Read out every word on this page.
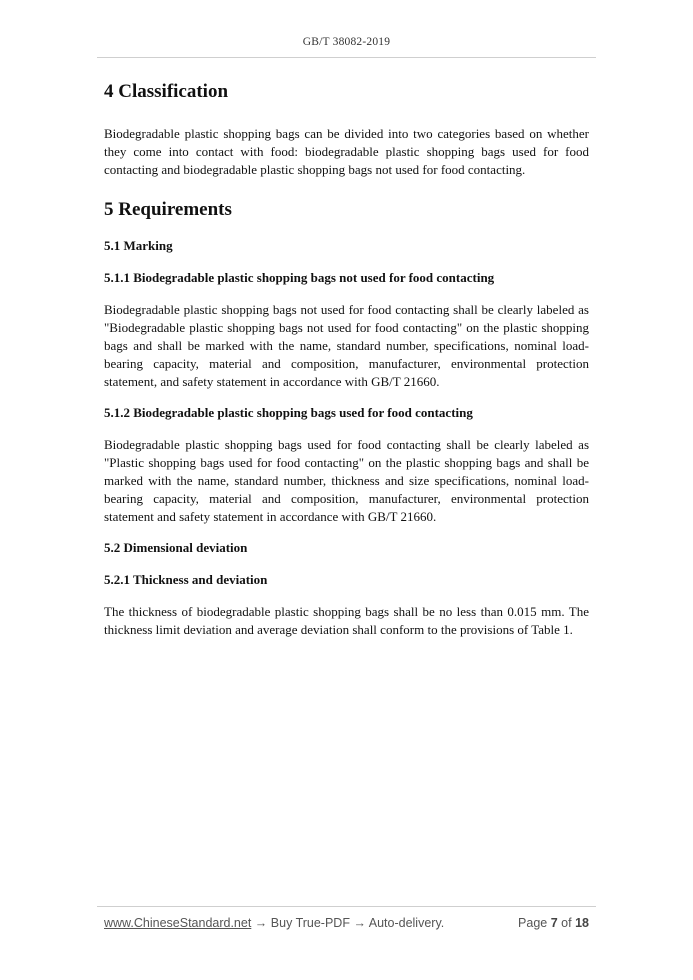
GB/T 38082-2019
4 Classification

Biodegradable plastic shopping bags can be divided into two categories based on whether they come into contact with food: biodegradable plastic shopping bags used for food contacting and biodegradable plastic shopping bags not used for food contacting.

5 Requirements
5.1 Marking
5.1.1 Biodegradable plastic shopping bags not used for food contacting

Biodegradable plastic shopping bags not used for food contacting shall be clearly labeled as "Biodegradable plastic shopping bags not used for food contacting" on the plastic shopping bags and shall be marked with the name, standard number, specifications, nominal load-bearing capacity, material and composition, manufacturer, environmental protection statement, and safety statement in accordance with GB/T 21660.

5.1.2 Biodegradable plastic shopping bags used for food contacting

Biodegradable plastic shopping bags used for food contacting shall be clearly labeled as "Plastic shopping bags used for food contacting" on the plastic shopping bags and shall be marked with the name, standard number, thickness and size specifications, nominal load-bearing capacity, material and composition, manufacturer, environmental protection statement and safety statement in accordance with GB/T 21660.

5.2 Dimensional deviation
5.2.1 Thickness and deviation

The thickness of biodegradable plastic shopping bags shall be no less than 0.015 mm. The thickness limit deviation and average deviation shall conform to the provisions of Table 1.

www.ChineseStandard.net → Buy True-PDF → Auto-delivery.	Page 7 of 18
